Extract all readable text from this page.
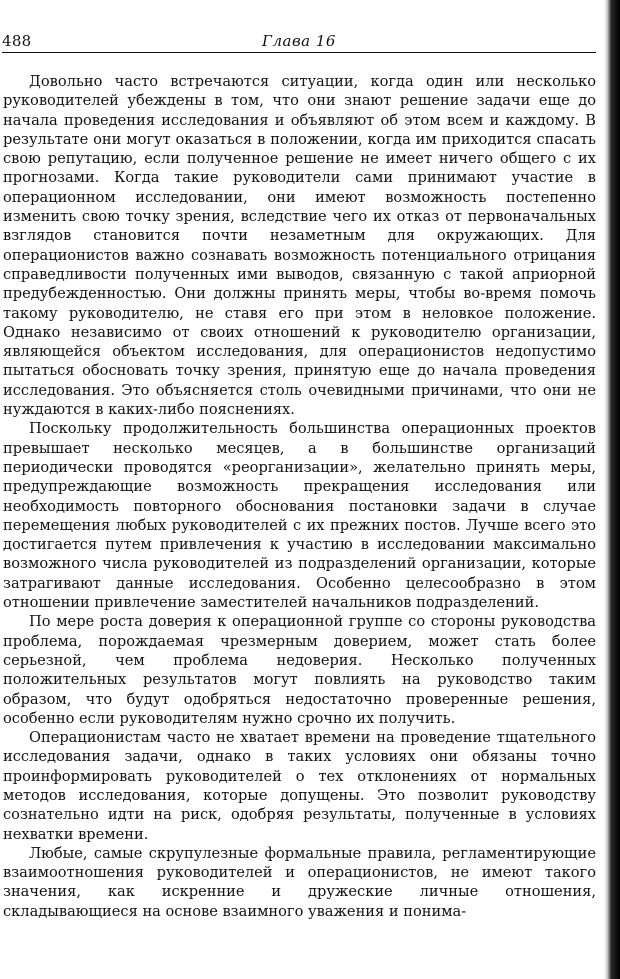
488	Глава 16

Довольно часто встречаются ситуации, когда один или несколько руководителей убеждены в том, что они знают решение задачи еще до начала проведения исследования и объявляют об этом всем и каждому. В результате они могут оказаться в положении, когда им приходится спасать свою репутацию, если полученное решение не имеет ничего общего с их прогнозами. Когда такие руководители сами принимают участие в операционном исследовании, они имеют возможность постепенно изменить свою точку зрения, вследствие чего их отказ от первоначальных взглядов становится почти незаметным для окружающих. Для операционистов важно сознавать возможность потенциального отрицания справедливости полученных ими выводов, связанную с такой априорной предубежденностью. Они должны принять меры, чтобы во-время помочь такому руководителю, не ставя его при этом в неловкое положение. Однако независимо от своих отношений к руководителю организации, являющейся объектом исследования, для операционистов недопустимо пытаться обосновать точку зрения, принятую еще до начала проведения исследования. Это объясняется столь очевидными причинами, что они не нуждаются в каких-либо пояснениях.

Поскольку продолжительность большинства операционных проектов превышает несколько месяцев, а в большинстве организаций периодически проводятся «реорганизации», желательно принять меры, предупреждающие возможность прекращения исследования или необходимость повторного обоснования постановки задачи в случае перемещения любых руководителей с их прежних постов. Лучше всего это достигается путем привлечения к участию в исследовании максимально возможного числа руководителей из подразделений организации, которые затрагивают данные исследования. Особенно целесообразно в этом отношении привлечение заместителей начальников подразделений.

По мере роста доверия к операционной группе со стороны руководства проблема, порождаемая чрезмерным доверием, может стать более серьезной, чем проблема недоверия. Несколько полученных положительных результатов могут повлиять на руководство таким образом, что будут одобряться недостаточно проверенные решения, особенно если руководителям нужно срочно их получить.

Операционистам часто не хватает времени на проведение тщательного исследования задачи, однако в таких условиях они обязаны точно проинформировать руководителей о тех отклонениях от нормальных методов исследования, которые допущены. Это позволит руководству сознательно идти на риск, одобряя результаты, полученные в условиях нехватки времени.

Любые, самые скрупулезные формальные правила, регламентирующие взаимоотношения руководителей и операционистов, не имеют такого значения, как искренние и дружеские личные отношения, складывающиеся на основе взаимного уважения и понима-
